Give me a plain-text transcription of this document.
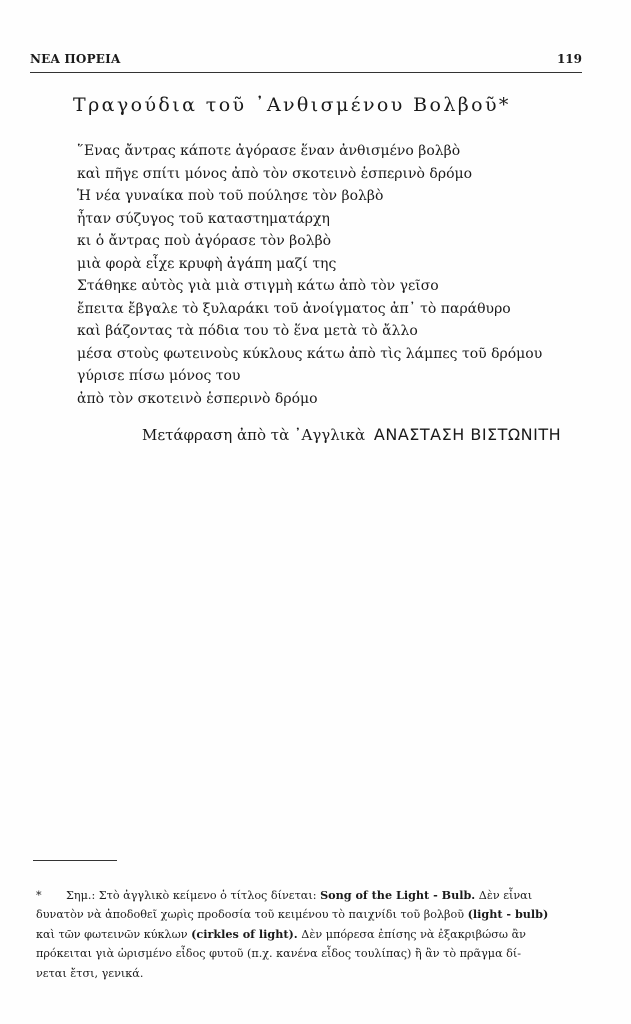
ΝΕΑ ΠΟΡΕΙΑ	119
Τραγούδια τοῦ ᾿Ανθισμένου Βολβοῦ*
῞Ενας ἄντρας κάποτε ἀγόρασε ἕναν ἀνθισμένο βολβὸ
καὶ πῆγε σπίτι μόνος ἀπὸ τὸν σκοτεινὸ ἑσπερινὸ δρόμο
Ἡ νέα γυναίκα ποὺ τοῦ πούλησε τὸν βολβὸ
ἦταν σύζυγος τοῦ καταστηματάρχη
κι ὁ ἄντρας ποὺ ἀγόρασε τὸν βολβὸ
μιὰ φορὰ εἶχε κρυφὴ ἀγάπη μαζί της
Στάθηκε αὐτὸς γιὰ μιὰ στιγμὴ κάτω ἀπὸ τὸν γεῖσο
ἔπειτα ἔβγαλε τὸ ξυλαράκι τοῦ ἀνοίγματος ἀπ᾿ τὸ παράθυρο
καὶ βάζοντας τὰ πόδια του τὸ ἕνα μετὰ τὸ ἄλλο
μέσα στοὺς φωτεινοὺς κύκλους κάτω ἀπὸ τὶς λάμπες τοῦ δρόμου
γύρισε πίσω μόνος του
ἀπὸ τὸν σκοτεινὸ ἑσπερινὸ δρόμο
Μετάφραση ἀπὸ τὰ ᾿Αγγλικὰ ΑΝΑΣΤΑΣΗ ΒΙΣΤΩΝΙΤΗ
* Σημ.: Στὸ ἀγγλικὸ κείμενο ὁ τίτλος δίνεται: Song of the Light - Bulb. Δὲν εἶναι
δυνατὸν νὰ ἀποδοθεῖ χωρὶς προδοσία τοῦ κειμένου τὸ παιχνίδι τοῦ βολβοῦ (light - bulb)
καὶ τῶν φωτεινῶν κύκλων (cirkles of light). Δὲν μπόρεσα ἐπίσης νὰ ἐξακριβώσω ἂν
πρόκειται γιὰ ὡρισμένο εἶδος φυτοῦ (π.χ. κανένα εἶδος τουλίπας) ἢ ἂν τὸ πρᾶγμα δί-
νεται ἔτσι, γενικά.
